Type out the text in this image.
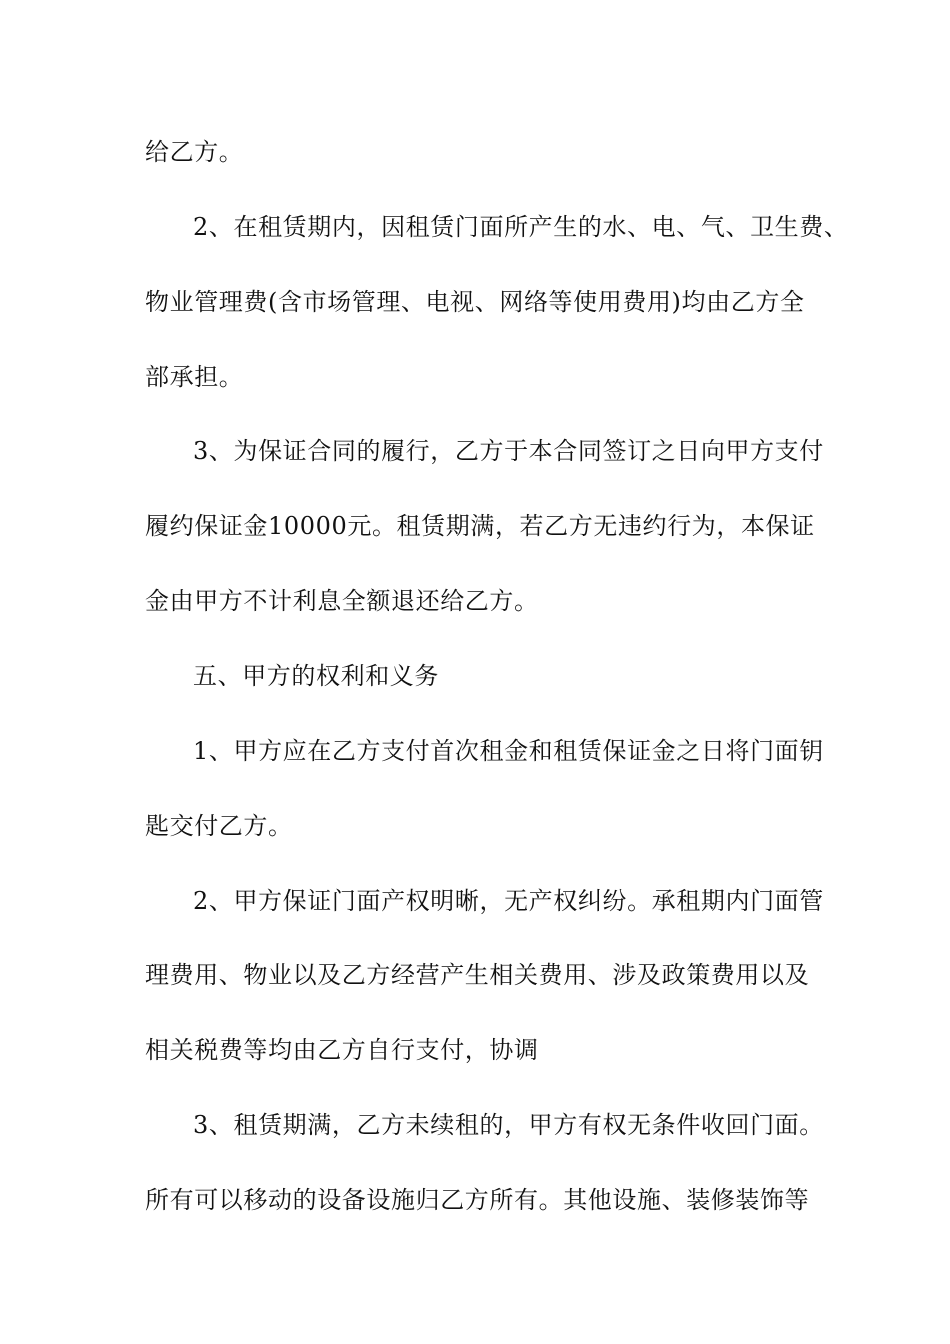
给乙方。
2、在租赁期内，因租赁门面所产生的水、电、气、卫生费、
物业管理费(含市场管理、电视、网络等使用费用)均由乙方全
部承担。
3、为保证合同的履行，乙方于本合同签订之日向甲方支付
履约保证金10000元。租赁期满，若乙方无违约行为，本保证
金由甲方不计利息全额退还给乙方。
五、甲方的权利和义务
1、甲方应在乙方支付首次租金和租赁保证金之日将门面钥
匙交付乙方。
2、甲方保证门面产权明晰，无产权纠纷。承租期内门面管
理费用、物业以及乙方经营产生相关费用、涉及政策费用以及
相关税费等均由乙方自行支付，协调
3、租赁期满，乙方未续租的，甲方有权无条件收回门面。
所有可以移动的设备设施归乙方所有。其他设施、装修装饰等
